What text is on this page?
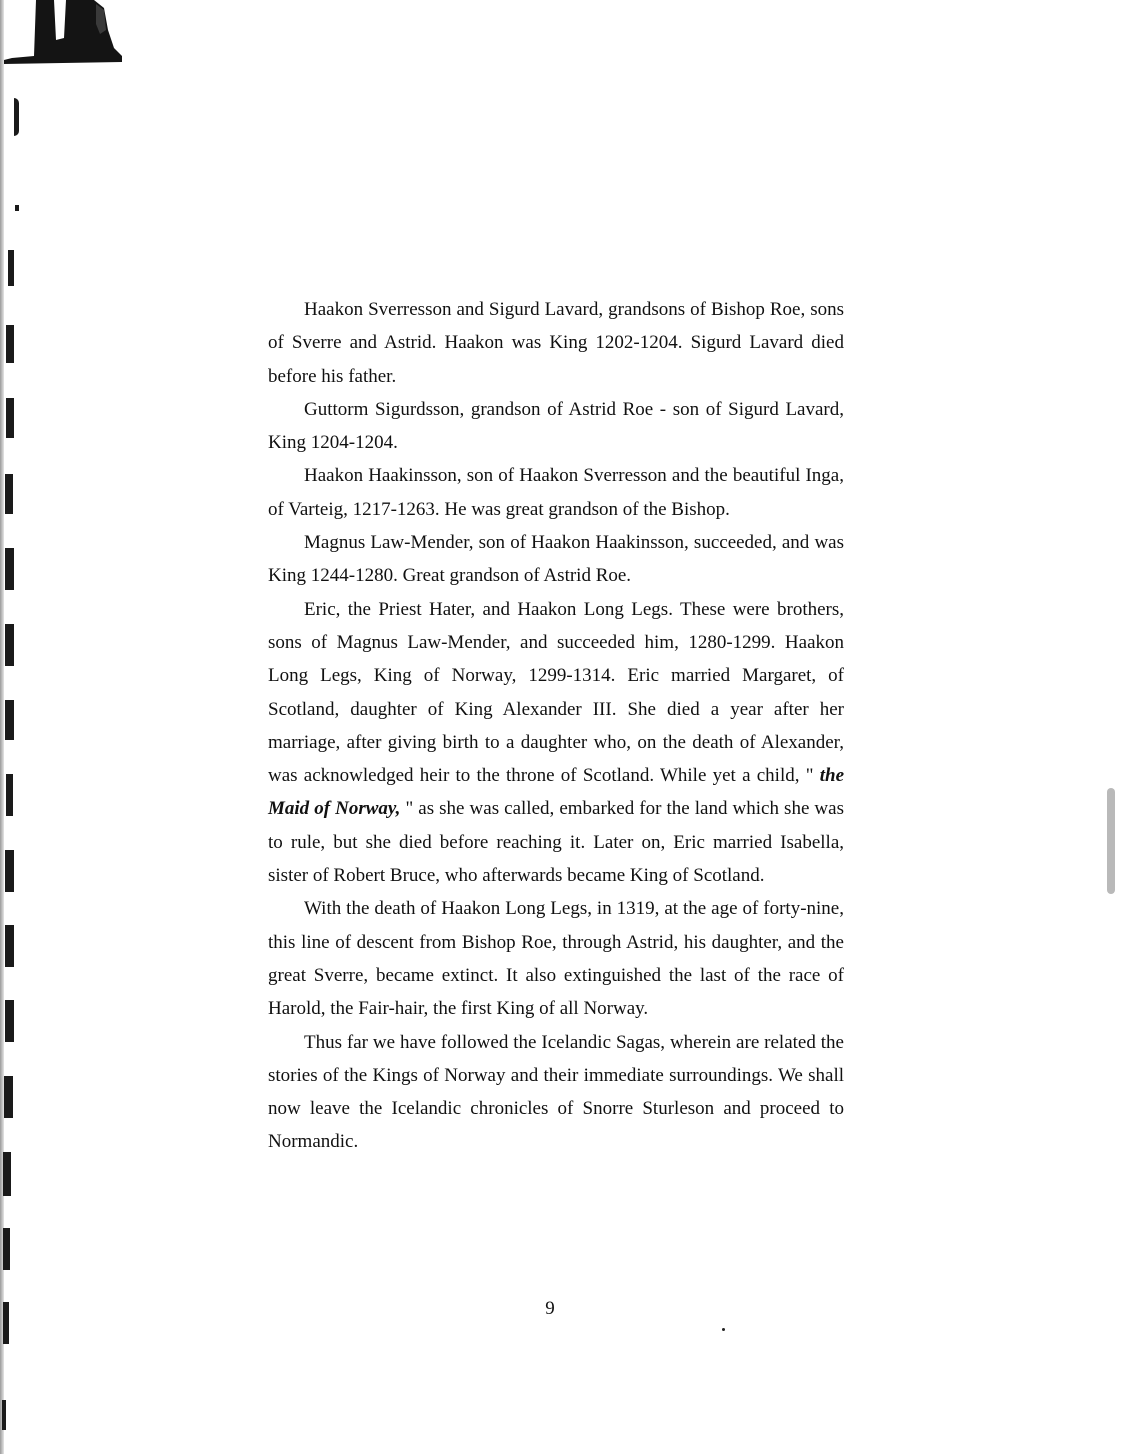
Haakon Sverresson and Sigurd Lavard, grandsons of Bishop Roe, sons of Sverre and Astrid. Haakon was King 1202-1204. Sigurd Lavard died before his father.

Guttorm Sigurdsson, grandson of Astrid Roe - son of Sigurd Lavard, King 1204-1204.

Haakon Haakinsson, son of Haakon Sverresson and the beautiful Inga, of Varteig, 1217-1263. He was great grandson of the Bishop.

Magnus Law-Mender, son of Haakon Haakinsson, succeeded, and was King 1244-1280. Great grandson of Astrid Roe.

Eric, the Priest Hater, and Haakon Long Legs. These were brothers, sons of Magnus Law-Mender, and succeeded him, 1280-1299. Haakon Long Legs, King of Norway, 1299-1314. Eric married Margaret, of Scotland, daughter of King Alexander III. She died a year after her marriage, after giving birth to a daughter who, on the death of Alexander, was acknowledged heir to the throne of Scotland. While yet a child, " the Maid of Norway, " as she was called, embarked for the land which she was to rule, but she died before reaching it. Later on, Eric married Isabella, sister of Robert Bruce, who afterwards became King of Scotland.

With the death of Haakon Long Legs, in 1319, at the age of forty-nine, this line of descent from Bishop Roe, through Astrid, his daughter, and the great Sverre, became extinct. It also extinguished the last of the race of Harold, the Fair-hair, the first King of all Norway.

Thus far we have followed the Icelandic Sagas, wherein are related the stories of the Kings of Norway and their immediate surroundings. We shall now leave the Icelandic chronicles of Snorre Sturleson and proceed to Normandic.

9
